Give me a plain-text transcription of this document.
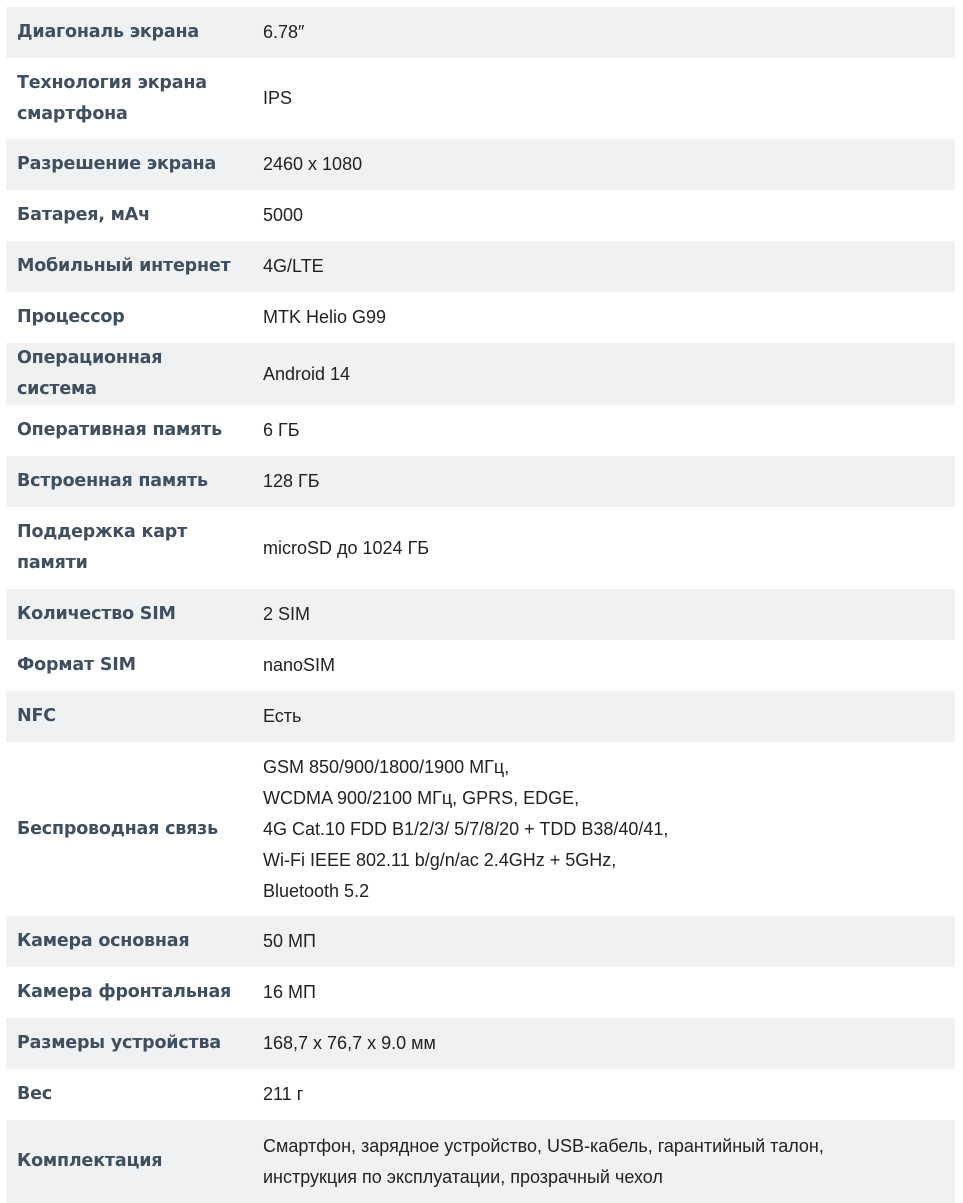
Диагональ экрана	6.78″
Технология экрана смартфона	IPS
Разрешение экрана	2460 x 1080
Батарея, мАч	5000
Мобильный интернет	4G/LTE
Процессор	MTK Helio G99
Операционная система	Android 14
Оперативная память	6 ГБ
Встроенная память	128 ГБ
Поддержка карт памяти	microSD до 1024 ГБ
Количество SIM	2 SIM
Формат SIM	nanoSIM
NFC	Есть
Беспроводная связь	GSM 850/900/1800/1900 МГц,
WCDMA 900/2100 МГц, GPRS, EDGE,
4G Cat.10 FDD B1/2/3/ 5/7/8/20 + TDD B38/40/41,
Wi-Fi IEEE 802.11 b/g/n/ac 2.4GHz + 5GHz,
Bluetooth 5.2

Камера основная	50 МП
Камера фронтальная	16 МП
Размеры устройства	168,7 x 76,7 x 9.0 мм
Вес	211 г
Комплектация	Смартфон, зарядное устройство, USB-кабель, гарантийный талон,
инструкция по эксплуатации, прозрачный чехол
